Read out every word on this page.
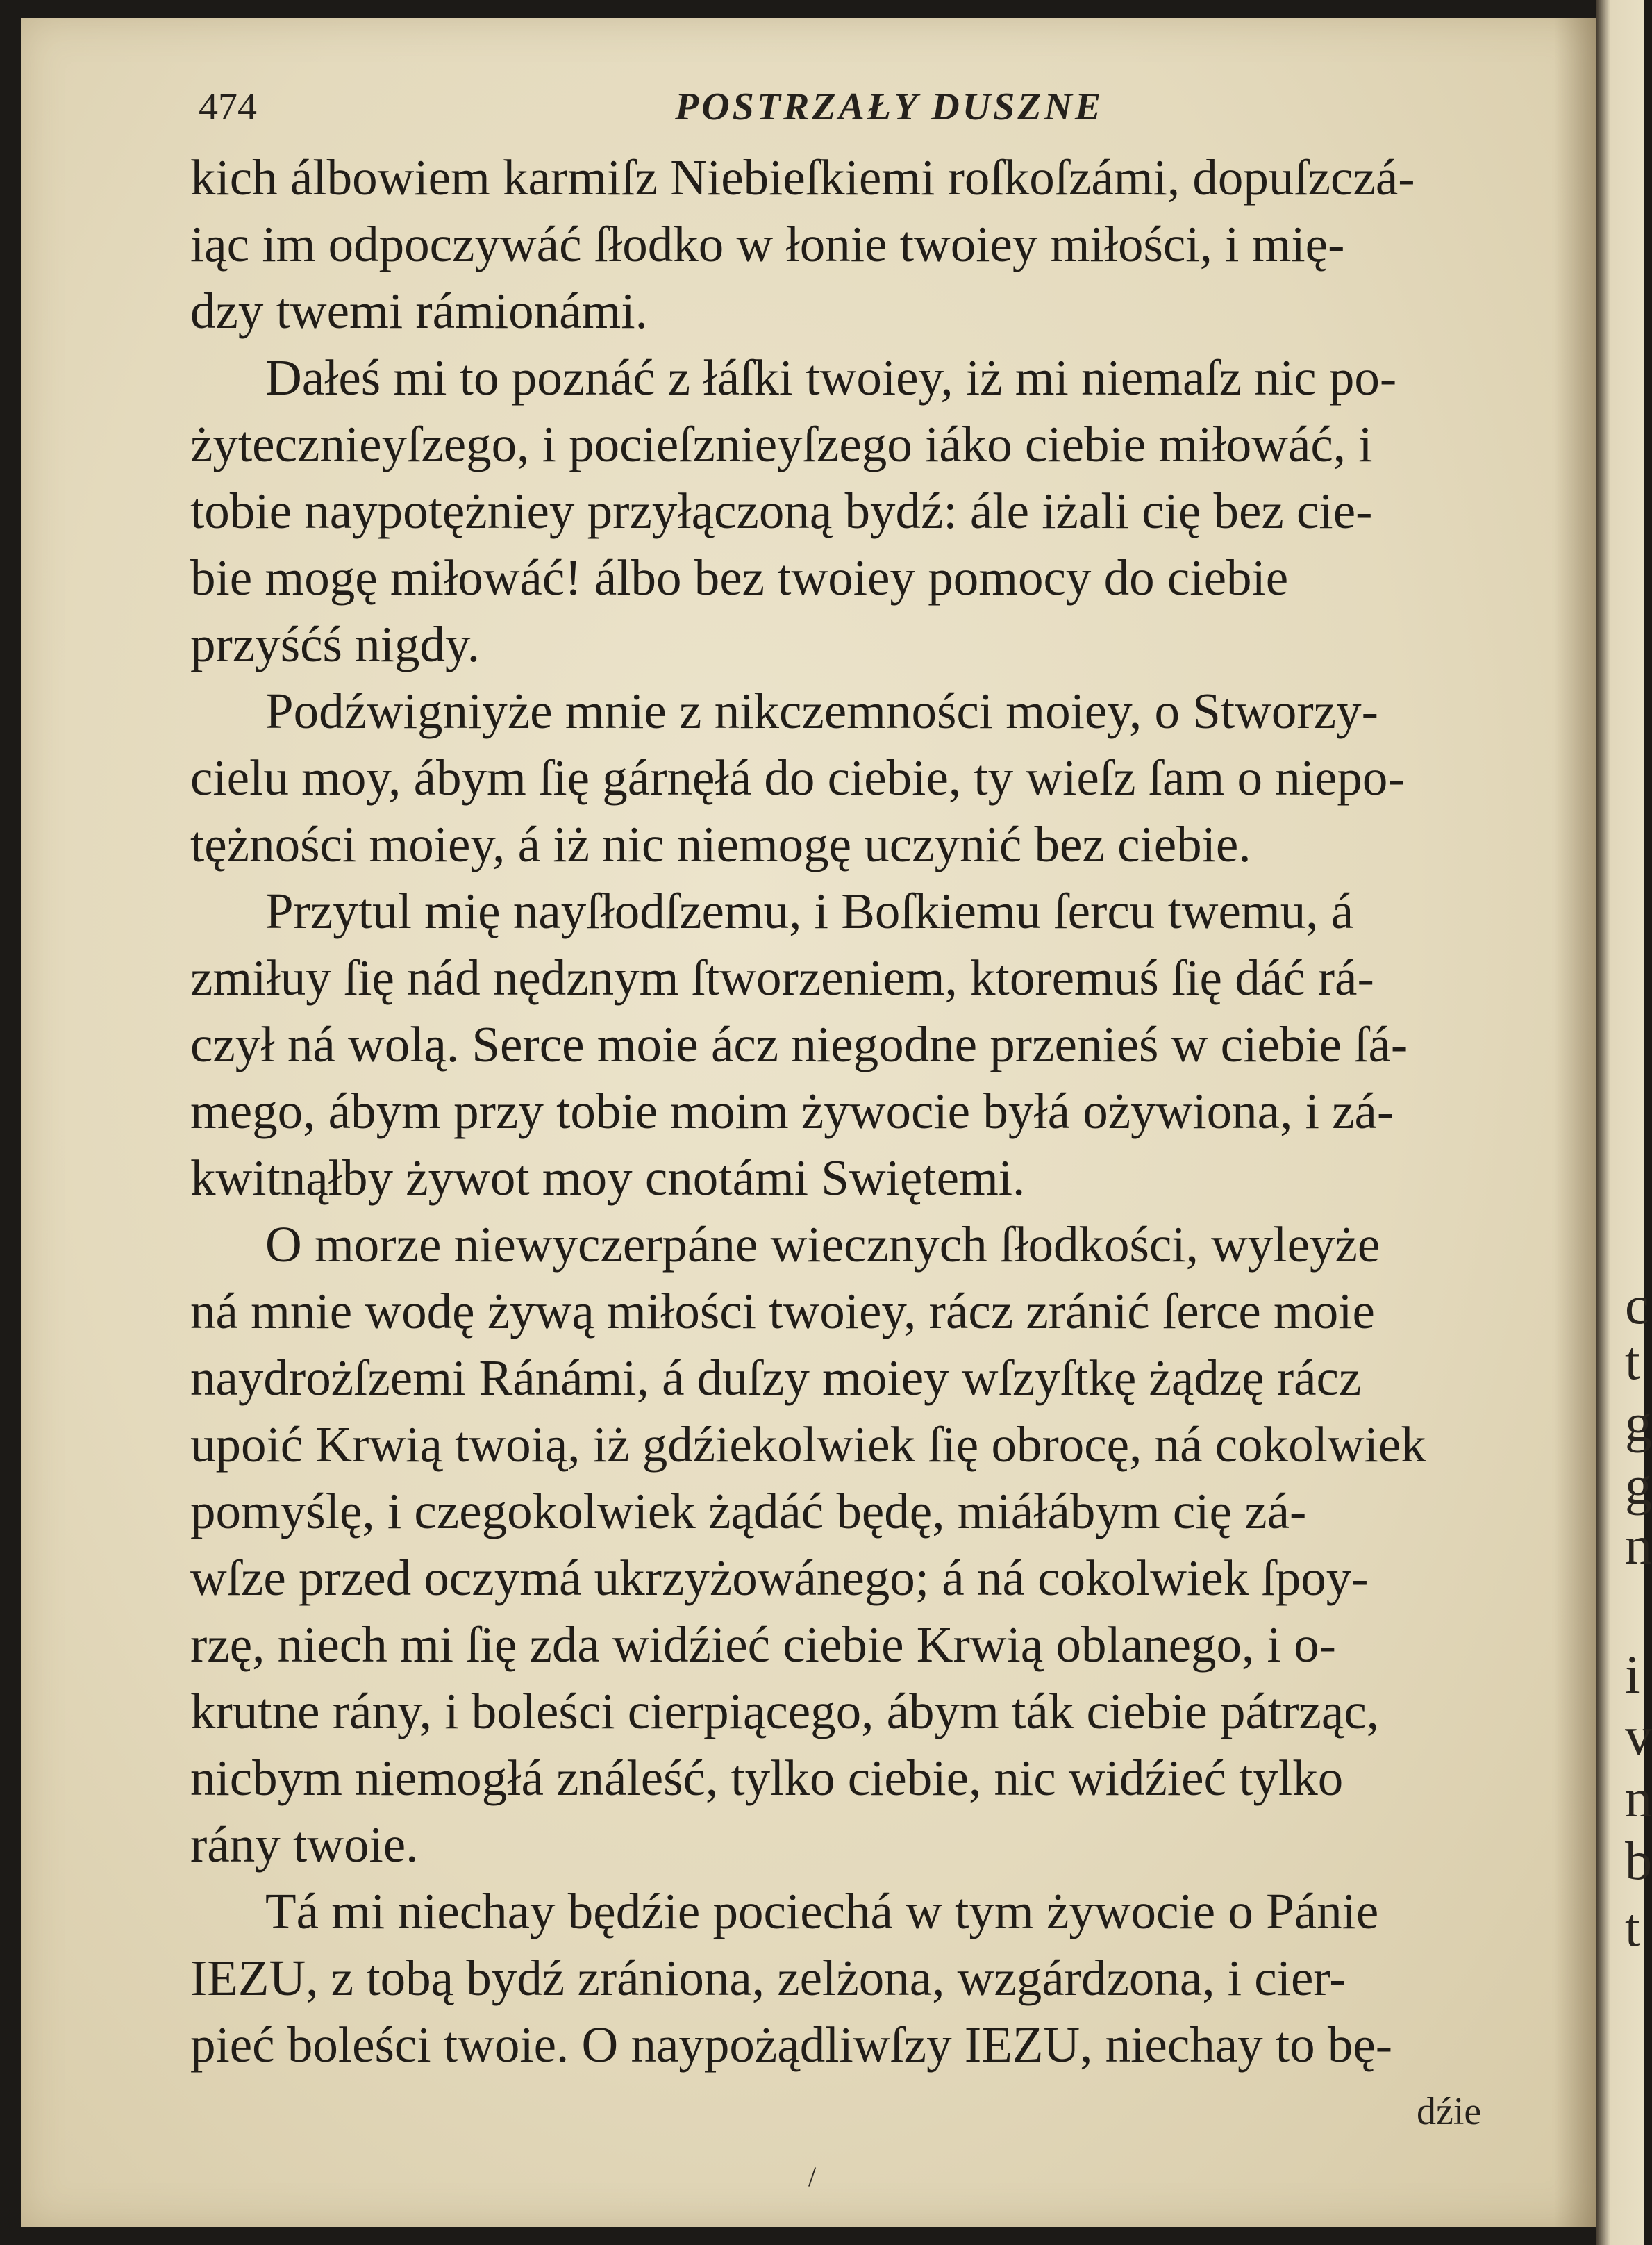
c
t
g
g
n
i
v
n
b
t
474	POSTRZAŁY DUSZNE
kich álbowiem karmiſz Niebieſkiemi roſkoſzámi, dopuſzczá-
iąc im odpoczywáć ſłodko w łonie twoiey miłości, i mię-
dzy twemi rámionámi.
Dałeś mi to poznáć z łáſki twoiey, iż mi niemaſz nic po-
żytecznieyſzego, i pocieſznieyſzego iáko ciebie miłowáć, i
tobie naypotężniey przyłączoną bydź: ále iżali cię bez cie-
bie mogę miłowáć! álbo bez twoiey pomocy do ciebie
przyśćś nigdy.
Podźwigniyże mnie z nikczemności moiey, o Stworzy-
cielu moy, ábym ſię gárnęłá do ciebie, ty wieſz ſam o niepo-
tężności moiey, á iż nic niemogę uczynić bez ciebie.
Przytul mię nayſłodſzemu, i Boſkiemu ſercu twemu, á
zmiłuy ſię nád nędznym ſtworzeniem, ktoremuś ſię dáć rá-
czył ná wolą. Serce moie ácz niegodne przenieś w ciebie ſá-
mego, ábym przy tobie moim żywocie byłá ożywiona, i zá-
kwitnąłby żywot moy cnotámi Swiętemi.
O morze niewyczerpáne wiecznych ſłodkości, wyleyże
ná mnie wodę żywą miłości twoiey, rácz zránić ſerce moie
naydrożſzemi Ránámi, á duſzy moiey wſzyſtkę żądzę rácz
upoić Krwią twoią, iż gdźiekolwiek ſię obrocę, ná cokolwiek
pomyślę, i czegokolwiek żądáć będę, miáłábym cię zá-
wſze przed oczymá ukrzyżowánego; á ná cokolwiek ſpoy-
rzę, niech mi ſię zda widźieć ciebie Krwią oblanego, i o-
krutne rány, i boleści cierpiącego, ábym ták ciebie pátrząc,
nicbym niemogłá ználeść, tylko ciebie, nic widźieć tylko
rány twoie.
Tá mi niechay będźie pociechá w tym żywocie o Pánie
IEZU, z tobą bydź zrániona, zelżona, wzgárdzona, i cier-
pieć boleści twoie. O naypożądliwſzy IEZU, niechay to bę-
dźie
/
